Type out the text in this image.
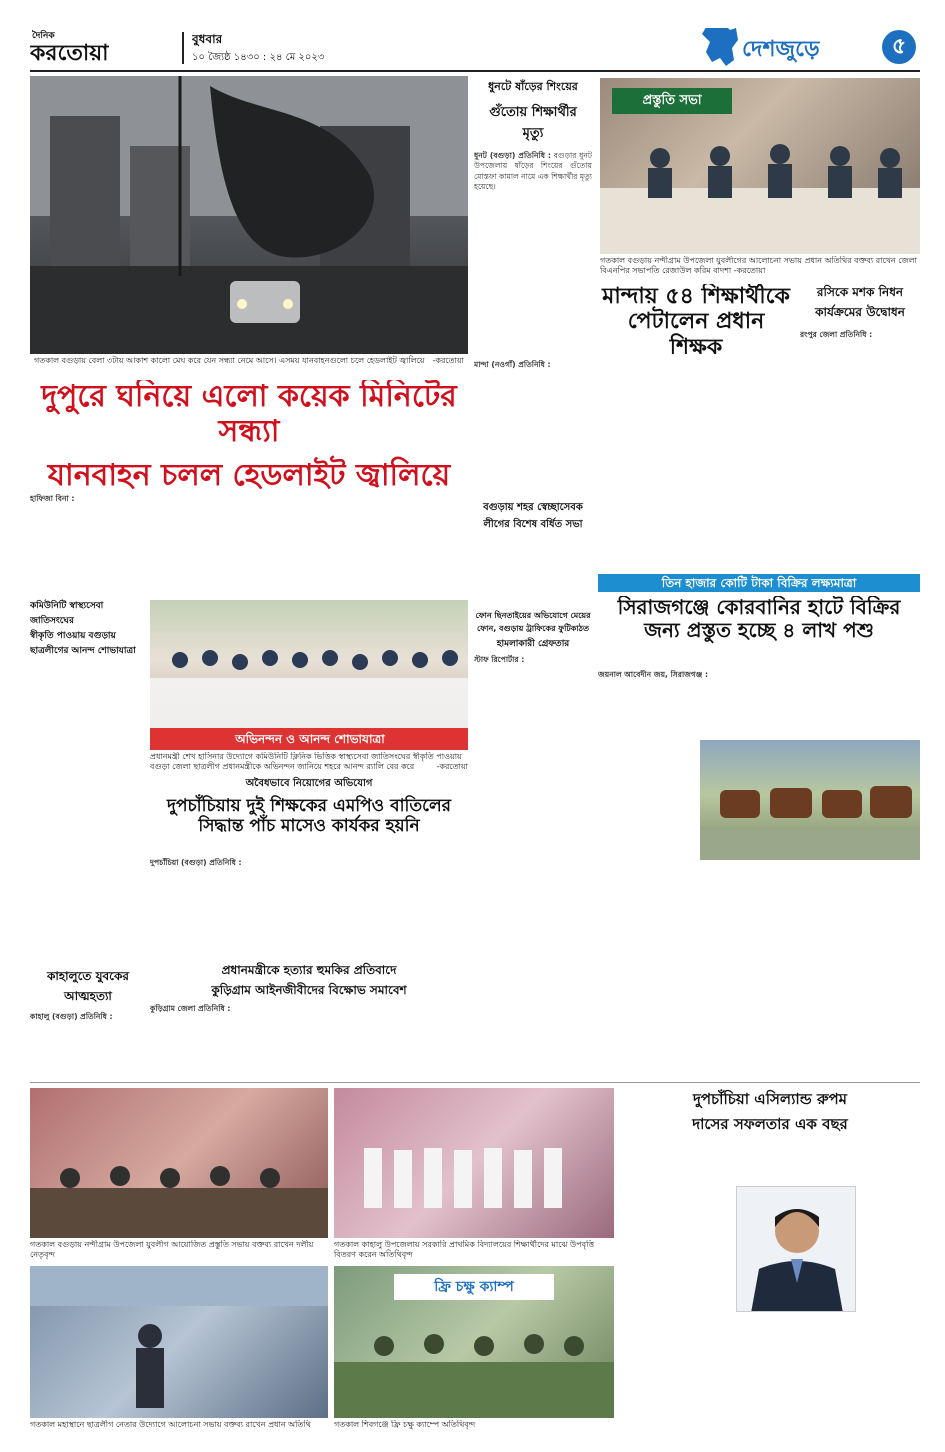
দৈনিক
করতোয়া
বুধবার
১০ জ্যৈষ্ঠ ১৪৩০ : ২৪ মে ২০২৩	দেশজুড়ে	৫
গতকাল বগুড়ায় বেলা ৩টায় আকাশ কালো মেঘ করে যেন সন্ধ্যা নেমে আসে। এসময় যানবাহনগুলো চলে হেডলাইট জ্বালিয়ে -করতোয়া
দুপুরে ঘনিয়ে এলো কয়েক মিনিটের সন্ধ্যা
যানবাহন চলল হেডলাইট জ্বালিয়ে
হাফিজা বিনা :
ধুনটে ষাঁড়ের শিংয়ের
গুঁতোয় শিক্ষার্থীর
মৃত্যু
ধুনট (বগুড়া) প্রতিনিধি : বগুড়ার ধুনট উপজেলায় ষাঁড়ের শিংয়ের গুঁতোয় মোস্তফা কামাল নামে এক শিক্ষার্থীর মৃত্যু হয়েছে।
প্রস্তুতি সভা
গতকাল বগুড়ায় নন্দীগ্রাম উপজেলা যুবলীগের আলোচনা সভায় প্রধান অতিথির বক্তব্য রাখেন জেলা বিএনপির সভাপতি রেজাউল করিম বাদশা -করতোয়া
মান্দায় ৫৪ শিক্ষার্থীকে
পেটালেন প্রধান শিক্ষক
মান্দা (নওগাঁ) প্রতিনিধি :
রসিকে মশক নিধন
কার্যক্রমের উদ্বোধন
রংপুর জেলা প্রতিনিধি :
বগুড়ায় শহর স্বেচ্ছাসেবক
লীগের বিশেষ বর্ধিত সভা
কমিউনিটি স্বাস্থ্যসেবা জাতিসংঘের
স্বীকৃতি পাওয়ায় বগুড়ায়
ছাত্রলীগের আনন্দ শোভাযাত্রা
অভিনন্দন ও আনন্দ শোভাযাত্রা
প্রধানমন্ত্রী শেখ হাসিনার উদ্যোগে কমিউনিটি ক্লিনিক ভিত্তিক স্বাস্থ্যসেবা জাতিসংঘের স্বীকৃতি পাওয়ায় বগুড়া জেলা ছাত্রলীগ প্রধানমন্ত্রীকে অভিনন্দন জানিয়ে শহরে আনন্দ র‌্যালি বের করে	-করতোয়া
ফোন ছিনতাইয়ের অভিযোগে মেয়ের
ফোন, বগুড়ায় ট্রাফিকের ফুটিকাঠত
হামলাকারী গ্রেফতার
স্টাফ রিপোর্টার :
তিন হাজার কোটি টাকা বিক্রির লক্ষ্যমাত্রা
সিরাজগঞ্জে কোরবানির হাটে বিক্রির
জন্য প্রস্তুত হচ্ছে ৪ লাখ পশু
জয়নাল আবেদীন জয়, সিরাজগঞ্জ :
কাহালুতে যুবকের
আত্মহত্যা
কাহালু (বগুড়া) প্রতিনিধি :
অবৈধভাবে নিয়োগের অভিযোগ
দুপচাঁচিয়ায় দুই শিক্ষকের এমপিও বাতিলের
সিদ্ধান্ত পাঁচ মাসেও কার্যকর হয়নি
দুপচাঁচিয়া (বগুড়া) প্রতিনিধি :
প্রধানমন্ত্রীকে হত্যার হুমকির প্রতিবাদে
কুড়িগ্রাম আইনজীবীদের বিক্ষোভ সমাবেশ
কুড়িগ্রাম জেলা প্রতিনিধি :
গতকাল বগুড়ায় নন্দীগ্রাম উপজেলা যুবলীগ আয়োজিত প্রস্তুতি সভায় বক্তব্য রাখেন দলীয় নেতৃবৃন্দ
গতকাল কাহালু উপজেলায় সরকারি প্রাথমিক বিদ্যালয়ের শিক্ষার্থীদের মাঝে উপবৃত্তি বিতরণ করেন অতিথিবৃন্দ
গতকাল মহাস্থানে ছাত্রলীগ নেতার উদ্যোগে আলোচনা সভায় বক্তব্য রাখেন প্রধান অতিথি
ফ্রি চক্ষু ক্যাম্প
গতকাল শিবগঞ্জে ফ্রি চক্ষু ক্যাম্পে অতিথিবৃন্দ
দুপচাঁচিয়া এসিল্যান্ড রুপম
দাসের সফলতার এক বছর
